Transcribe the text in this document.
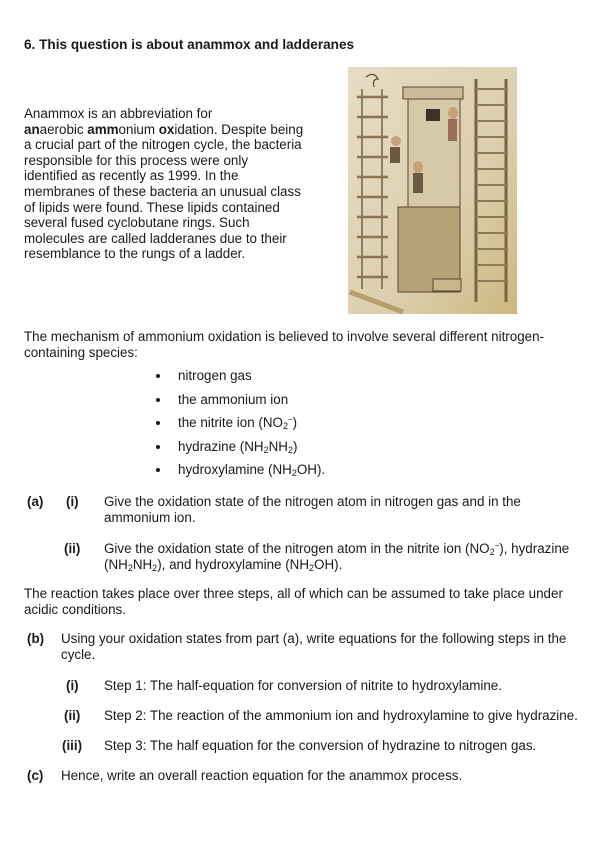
6. This question is about anammox and ladderanes
Anammox is an abbreviation for
anaerobic ammonium oxidation. Despite being a crucial part of the nitrogen cycle, the bacteria responsible for this process were only identified as recently as 1999. In the membranes of these bacteria an unusual class of lipids were found. These lipids contained several fused cyclobutane rings. Such molecules are called ladderanes due to their resemblance to the rungs of a ladder.
The mechanism of ammonium oxidation is believed to involve several different nitrogen-containing species:
nitrogen gas
the ammonium ion
the nitrite ion $(NO_2^-)$
hydrazine $(NH_2NH_2)$
hydroxylamine $(NH_2OH)$.
(a) (i) Give the oxidation state of the nitrogen atom in nitrogen gas and in the ammonium ion.
(ii) Give the oxidation state of the nitrogen atom in the nitrite ion $(NO_2^-)$, hydrazine
$(NH_2NH_2)$, and hydroxylamine $(NH_2OH)$.
The reaction takes place over three steps, all of which can be assumed to take place under acidic conditions.
(b) Using your oxidation states from part (a), write equations for the following steps in the cycle.
(i) Step 1: The half-equation for conversion of nitrite to hydroxylamine.
(ii) Step 2: The reaction of the ammonium ion and hydroxylamine to give hydrazine.
(iii) Step 3: The half equation for the conversion of hydrazine to nitrogen gas.
(c) Hence, write an overall reaction equation for the anammox process.
